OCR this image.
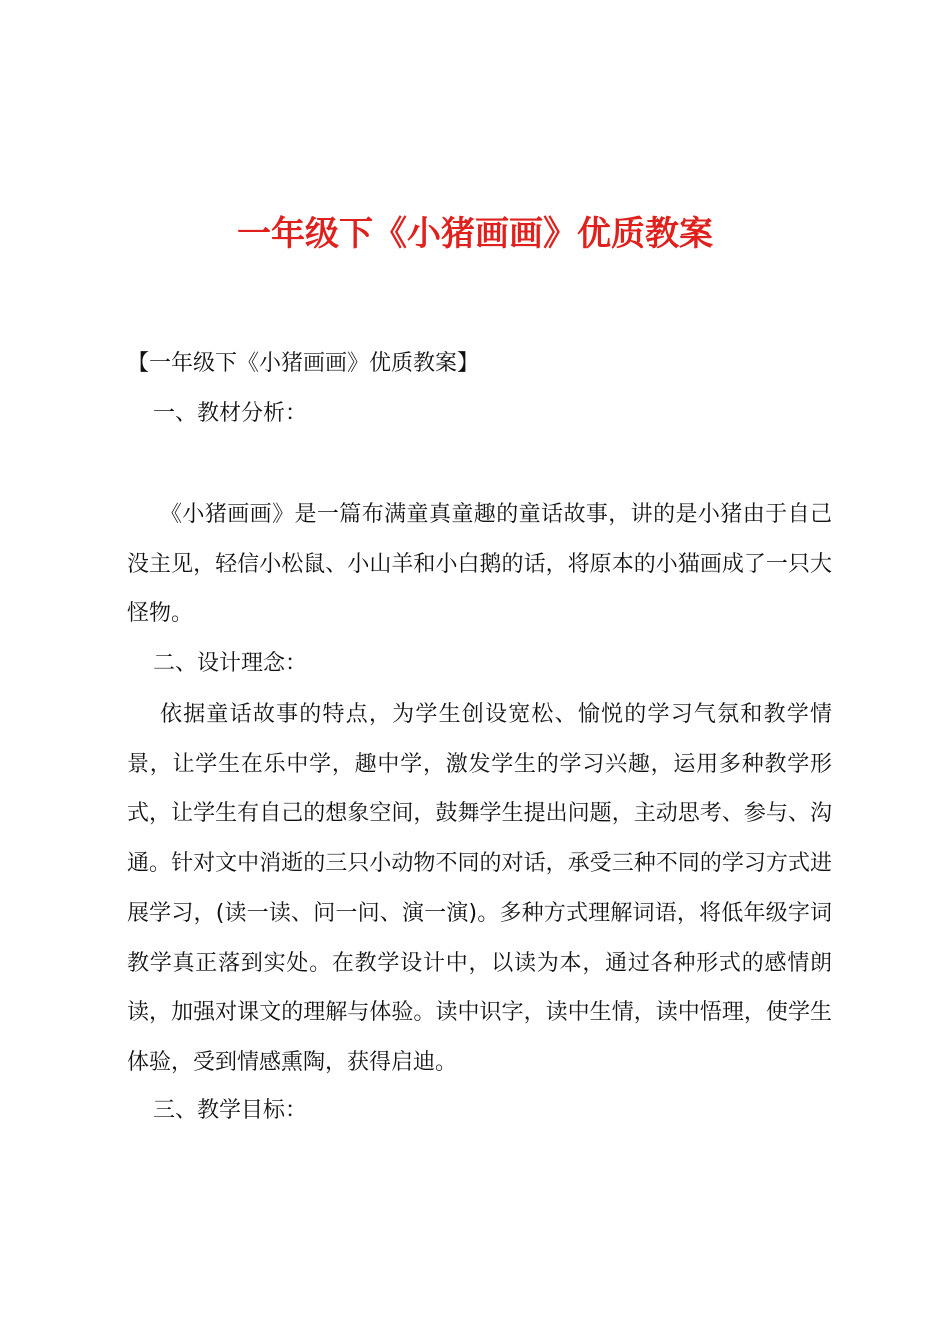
一年级下《小猪画画》优质教案
【一年级下《小猪画画》优质教案】
一、教材分析：
《小猪画画》是一篇布满童真童趣的童话故事，讲的是小猪由于自己没主见，轻信小松鼠、小山羊和小白鹅的话，将原本的小猫画成了一只大怪物。
二、设计理念：
依据童话故事的特点，为学生创设宽松、愉悦的学习气氛和教学情景，让学生在乐中学，趣中学，激发学生的学习兴趣，运用多种教学形式，让学生有自己的想象空间，鼓舞学生提出问题，主动思考、参与、沟通。针对文中消逝的三只小动物不同的对话，承受三种不同的学习方式进展学习，(读一读、问一问、演一演)。多种方式理解词语，将低年级字词教学真正落到实处。在教学设计中，以读为本，通过各种形式的感情朗读，加强对课文的理解与体验。读中识字，读中生情，读中悟理，使学生体验，受到情感熏陶，获得启迪。
三、教学目标：
